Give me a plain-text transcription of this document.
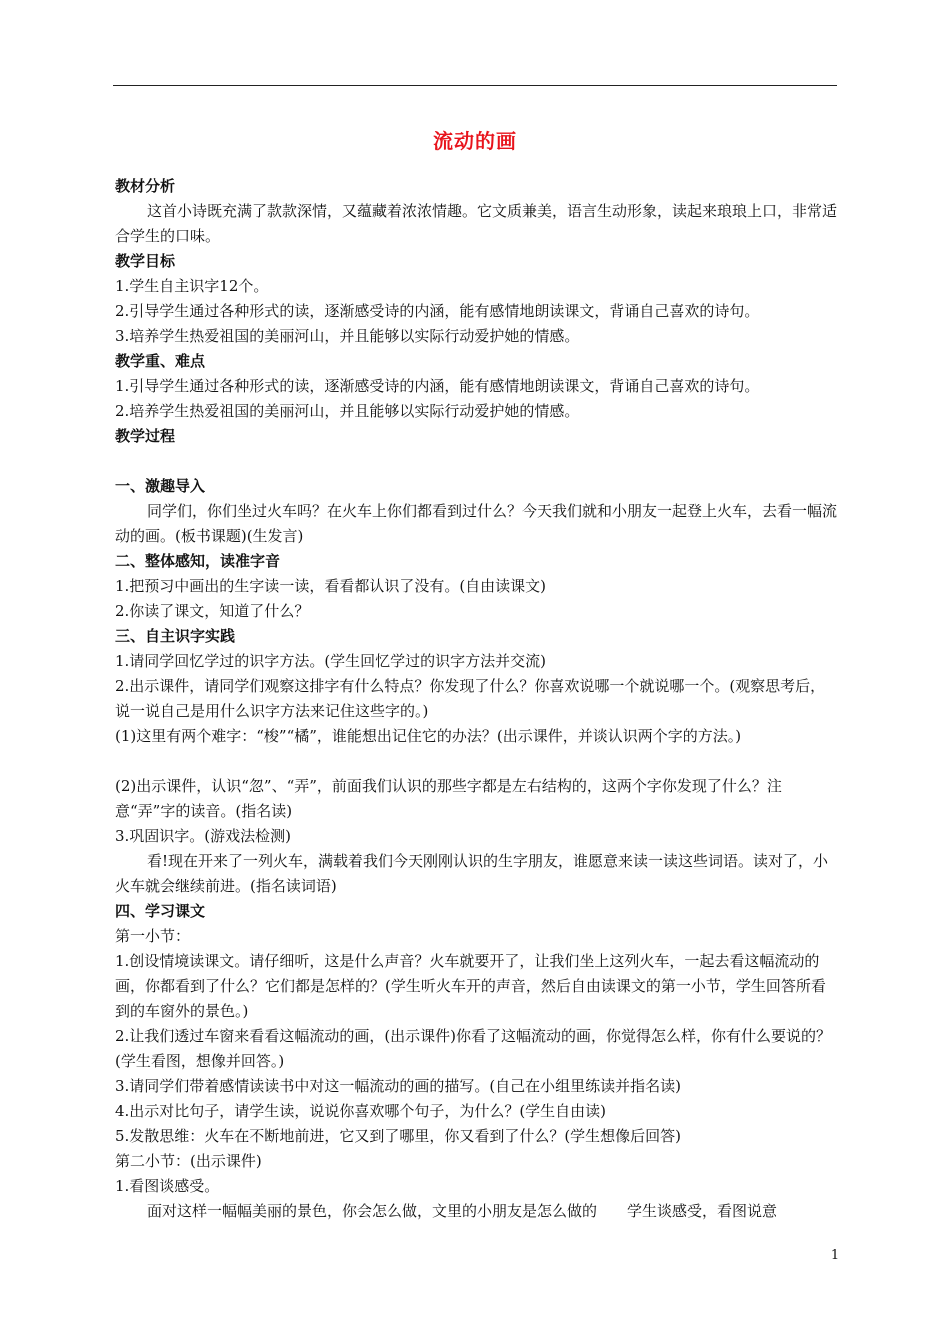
流动的画

教材分析

这首小诗既充满了款款深情，又蕴藏着浓浓情趣。它文质兼美，语言生动形象，读起来琅琅上口，非常适合学生的口味。

教学目标

1.学生自主识字12个。

2.引导学生通过各种形式的读，逐渐感受诗的内涵，能有感情地朗读课文，背诵自己喜欢的诗句。

3.培养学生热爱祖国的美丽河山，并且能够以实际行动爱护她的情感。

教学重、难点

1.引导学生通过各种形式的读，逐渐感受诗的内涵，能有感情地朗读课文，背诵自己喜欢的诗句。

2.培养学生热爱祖国的美丽河山，并且能够以实际行动爱护她的情感。

教学过程

一、激趣导入

同学们，你们坐过火车吗？在火车上你们都看到过什么？今天我们就和小朋友一起登上火车，去看一幅流动的画。(板书课题)(生发言)

二、整体感知，读准字音

1.把预习中画出的生字读一读，看看都认识了没有。(自由读课文)

2.你读了课文，知道了什么？

三、自主识字实践

1.请同学回忆学过的识字方法。(学生回忆学过的识字方法并交流)

2.出示课件，请同学们观察这排字有什么特点？你发现了什么？你喜欢说哪一个就说哪一个。(观察思考后，说一说自己是用什么识字方法来记住这些字的。)

(1)这里有两个难字：“梭”“橘”，谁能想出记住它的办法？(出示课件，并谈认识两个字的方法。)

(2)出示课件，认识“忽”、“弄”，前面我们认识的那些字都是左右结构的，这两个字你发现了什么？注意“弄”字的读音。(指名读)

3.巩固识字。(游戏法检测)

看!现在开来了一列火车，满载着我们今天刚刚认识的生字朋友，谁愿意来读一读这些词语。读对了，小火车就会继续前进。(指名读词语)

四、学习课文

第一小节：

1.创设情境读课文。请仔细听，这是什么声音？火车就要开了，让我们坐上这列火车，一起去看这幅流动的画，你都看到了什么？它们都是怎样的？(学生听火车开的声音，然后自由读课文的第一小节，学生回答所看到的车窗外的景色。)

2.让我们透过车窗来看看这幅流动的画，(出示课件)你看了这幅流动的画，你觉得怎么样，你有什么要说的？(学生看图，想像并回答。)

3.请同学们带着感情读读书中对这一幅流动的画的描写。(自己在小组里练读并指名读)

4.出示对比句子，请学生读，说说你喜欢哪个句子，为什么？(学生自由读)

5.发散思维：火车在不断地前进，它又到了哪里，你又看到了什么？(学生想像后回答)

第二小节：(出示课件)

1.看图谈感受。

面对这样一幅幅美丽的景色，你会怎么做，文里的小朋友是怎么做的　　学生谈感受，看图说意

1
